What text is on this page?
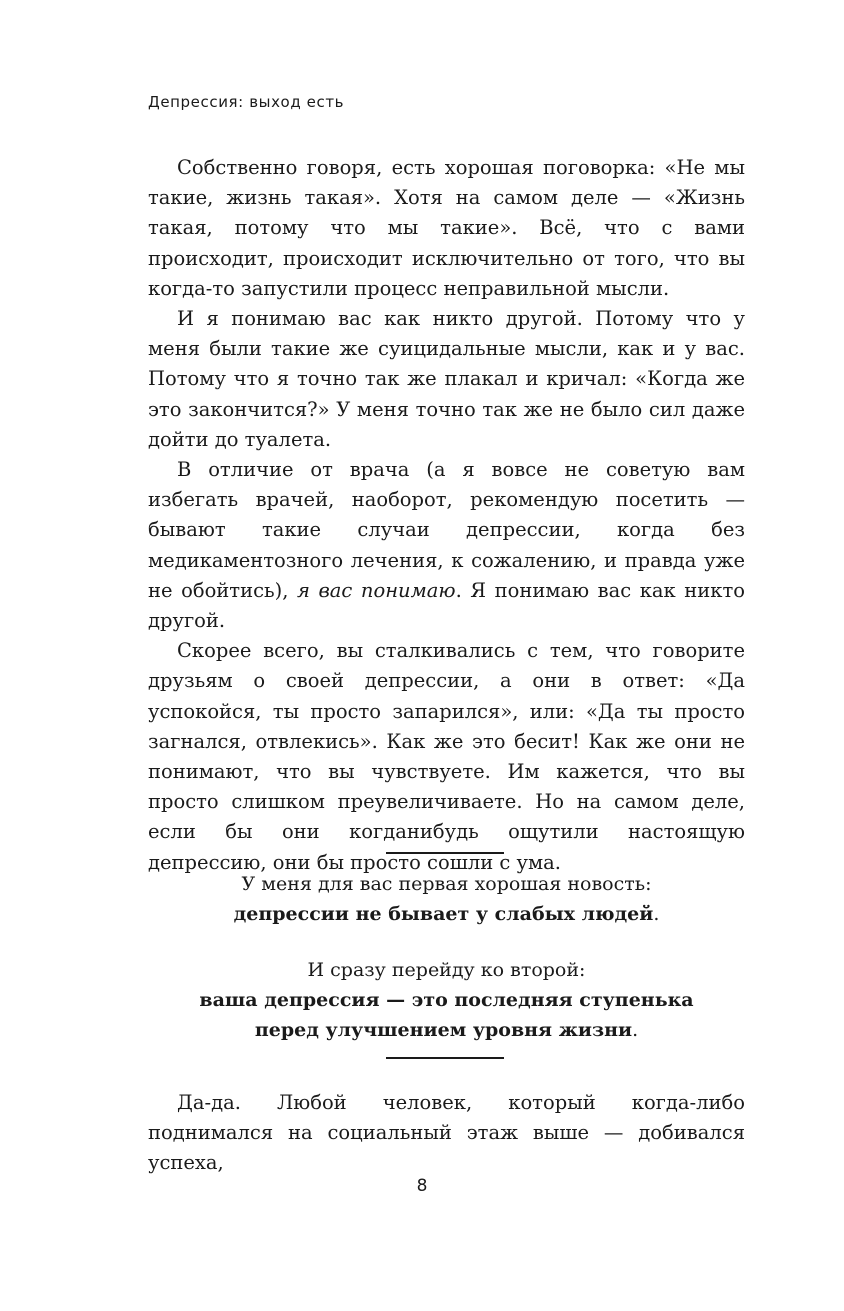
Депрессия: выход есть

Собственно говоря, есть хорошая поговорка: «Не мы такие, жизнь такая». Хотя на самом деле — «Жизнь такая, потому что мы такие». Всё, что с вами происходит, происходит исключительно от того, что вы когда-то запустили процесс неправильной мысли.

И я понимаю вас как никто другой. Потому что у меня были такие же суицидальные мысли, как и у вас. Потому что я точно так же плакал и кричал: «Когда же это закончится?» У меня точно так же не было сил даже дойти до туалета.

В отличие от врача (а я вовсе не советую вам избегать врачей, наоборот, рекомендую посетить — бывают такие случаи депрессии, когда без медикаментозного лечения, к сожалению, и правда уже не обойтись), я вас понимаю. Я понимаю вас как никто другой.

Скорее всего, вы сталкивались с тем, что говорите друзьям о своей депрессии, а они в ответ: «Да успокойся, ты просто запарился», или: «Да ты просто загнался, отвлекись». Как же это бесит! Как же они не понимают, что вы чувствуете. Им кажется, что вы просто слишком преувеличиваете. Но на самом деле, если бы они когданибудь ощутили настоящую депрессию, они бы просто сошли с ума.

У меня для вас первая хорошая новость:
депрессии не бывает у слабых людей.
И сразу перейду ко второй:
ваша депрессия — это последняя ступенька
перед улучшением уровня жизни.

Да-да. Любой человек, который когда-либо поднимался на социальный этаж выше — добивался успеха,

8
